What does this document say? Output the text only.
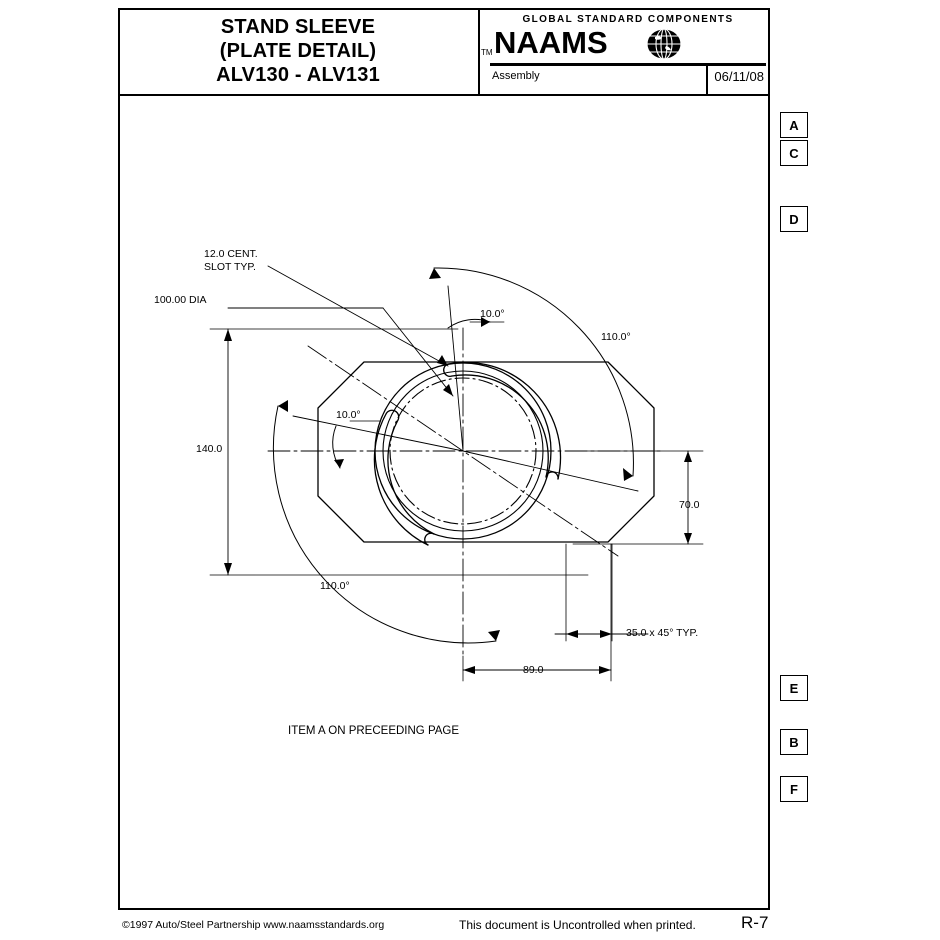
STAND SLEEVE
(PLATE DETAIL)
ALV130 - ALV131
GLOBAL STANDARD COMPONENTS
NAAMS
TM
Assembly	06/11/08
A
C
D
E
B
F
12.0 CENT.
SLOT TYP.
100.00 DIA
10.0°
110.0°
10.0°
140.0
70.0
110.0°
35.0 x 45° TYP.
89.0
ITEM A ON PRECEEDING PAGE
©1997 Auto/Steel Partnership www.naamsstandards.org	This document is Uncontrolled when printed.	R-7
